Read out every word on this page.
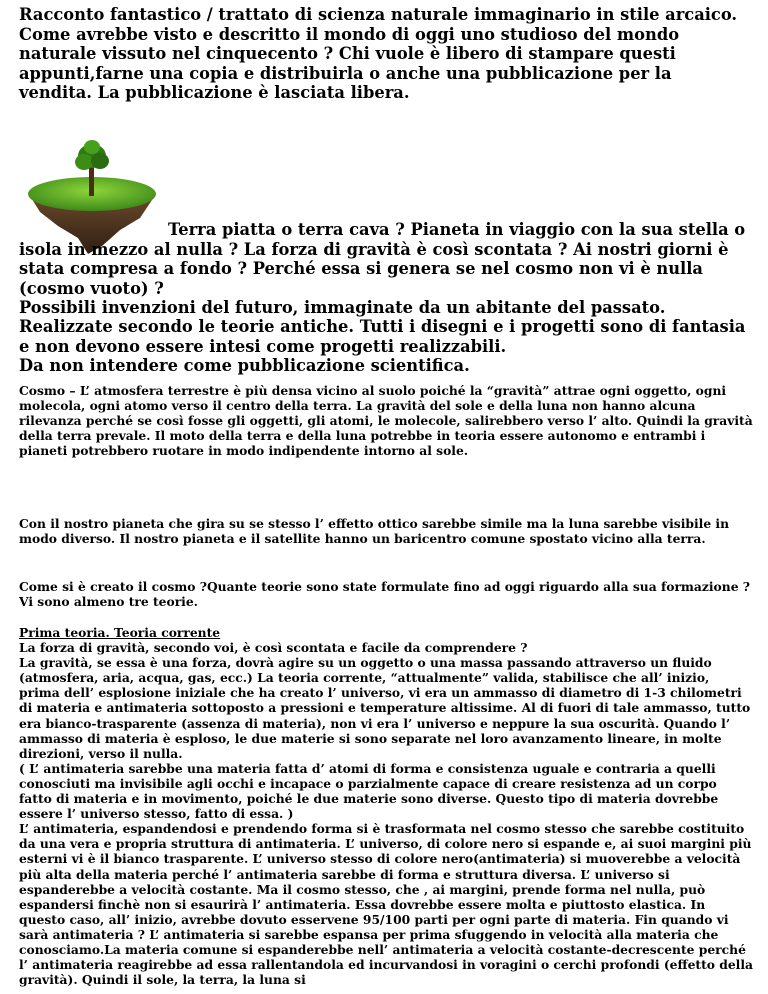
Racconto fantastico / trattato di scienza naturale immaginario in stile arcaico. Come avrebbe visto e descritto il mondo di oggi uno studioso del mondo naturale vissuto nel cinquecento ? Chi vuole è libero di stampare questi appunti,farne una copia e distribuirla o anche una pubblicazione per la vendita. La pubblicazione è lasciata libera.

Terra piatta o terra cava ? Pianeta in viaggio con la sua stella o isola in mezzo al nulla ? La forza di gravità è così scontata ? Ai nostri giorni è stata compresa a fondo ? Perché essa si genera se nel cosmo non vi è nulla (cosmo vuoto) ?

Possibili invenzioni del futuro, immaginate da un abitante del passato.

Realizzate secondo le teorie antiche. Tutti i disegni e i progetti sono di fantasia e non devono essere intesi come progetti realizzabili.

Da non intendere come pubblicazione scientifica.

Cosmo – L’ atmosfera terrestre è più densa vicino al suolo poiché la “gravità” attrae ogni oggetto, ogni molecola, ogni atomo verso il centro della terra. La gravità del sole e della luna non hanno alcuna rilevanza perché se così fosse gli oggetti, gli atomi, le molecole, salirebbero verso l’ alto. Quindi la gravità della terra prevale. Il moto della terra e della luna potrebbe in teoria essere autonomo e entrambi i pianeti potrebbero ruotare in modo indipendente intorno al sole.

Con il nostro pianeta che gira su se stesso l’ effetto ottico sarebbe simile ma la luna sarebbe visibile in modo diverso. Il nostro pianeta e il satellite hanno un baricentro comune spostato vicino alla terra.

Come si è creato il cosmo ?Quante teorie sono state formulate fino ad oggi riguardo alla sua formazione ?Vi sono almeno tre teorie.

Prima teoria. Teoria corrente

La forza di gravità, secondo voi, è così scontata e facile da comprendere ?

La gravità, se essa è una forza, dovrà agire su un oggetto o una massa passando attraverso un fluido (atmosfera, aria, acqua, gas, ecc.) La teoria corrente, “attualmente” valida, stabilisce che all’ inizio, prima dell’ esplosione iniziale che ha creato l’ universo, vi era un ammasso di diametro di 1-3 chilometri di materia e antimateria sottoposto a pressioni e temperature altissime. Al di fuori di tale ammasso, tutto era bianco-trasparente (assenza di materia), non vi era l’ universo e neppure la sua oscurità. Quando l’ ammasso di materia è esploso, le due materie si sono separate nel loro avanzamento lineare, in molte direzioni, verso il nulla.

( L’ antimateria sarebbe una materia fatta d’ atomi di forma e consistenza uguale e contraria a quelli conosciuti ma invisibile agli occhi e incapace o parzialmente capace di creare resistenza ad un corpo fatto di materia e in movimento, poiché le due materie sono diverse. Questo tipo di materia dovrebbe essere l’ universo stesso, fatto di essa. )

L’ antimateria, espandendosi e prendendo forma si è trasformata nel cosmo stesso che sarebbe costituito da una vera e propria struttura di antimateria. L’ universo, di colore nero si espande e, ai suoi margini più esterni vi è il bianco trasparente. L’ universo stesso di colore nero(antimateria) si muoverebbe a velocità più alta della materia perché l’ antimateria sarebbe di forma e struttura diversa. L’ universo si espanderebbe a velocità costante. Ma il cosmo stesso, che , ai margini, prende forma nel nulla, può espandersi finchè non si esaurirà l’ antimateria. Essa dovrebbe essere molta e piuttosto elastica. In questo caso, all’ inizio, avrebbe dovuto esservene 95/100 parti per ogni parte di materia. Fin quando vi sarà antimateria ? L’ antimateria si sarebbe espansa per prima sfuggendo in velocità alla materia che conosciamo.La materia comune si espanderebbe nell’ antimateria a velocità costante-decrescente perché l’ antimateria reagirebbe ad essa rallentandola ed incurvandosi in voragini o cerchi profondi (effetto della gravità). Quindi il sole, la terra, la luna si
